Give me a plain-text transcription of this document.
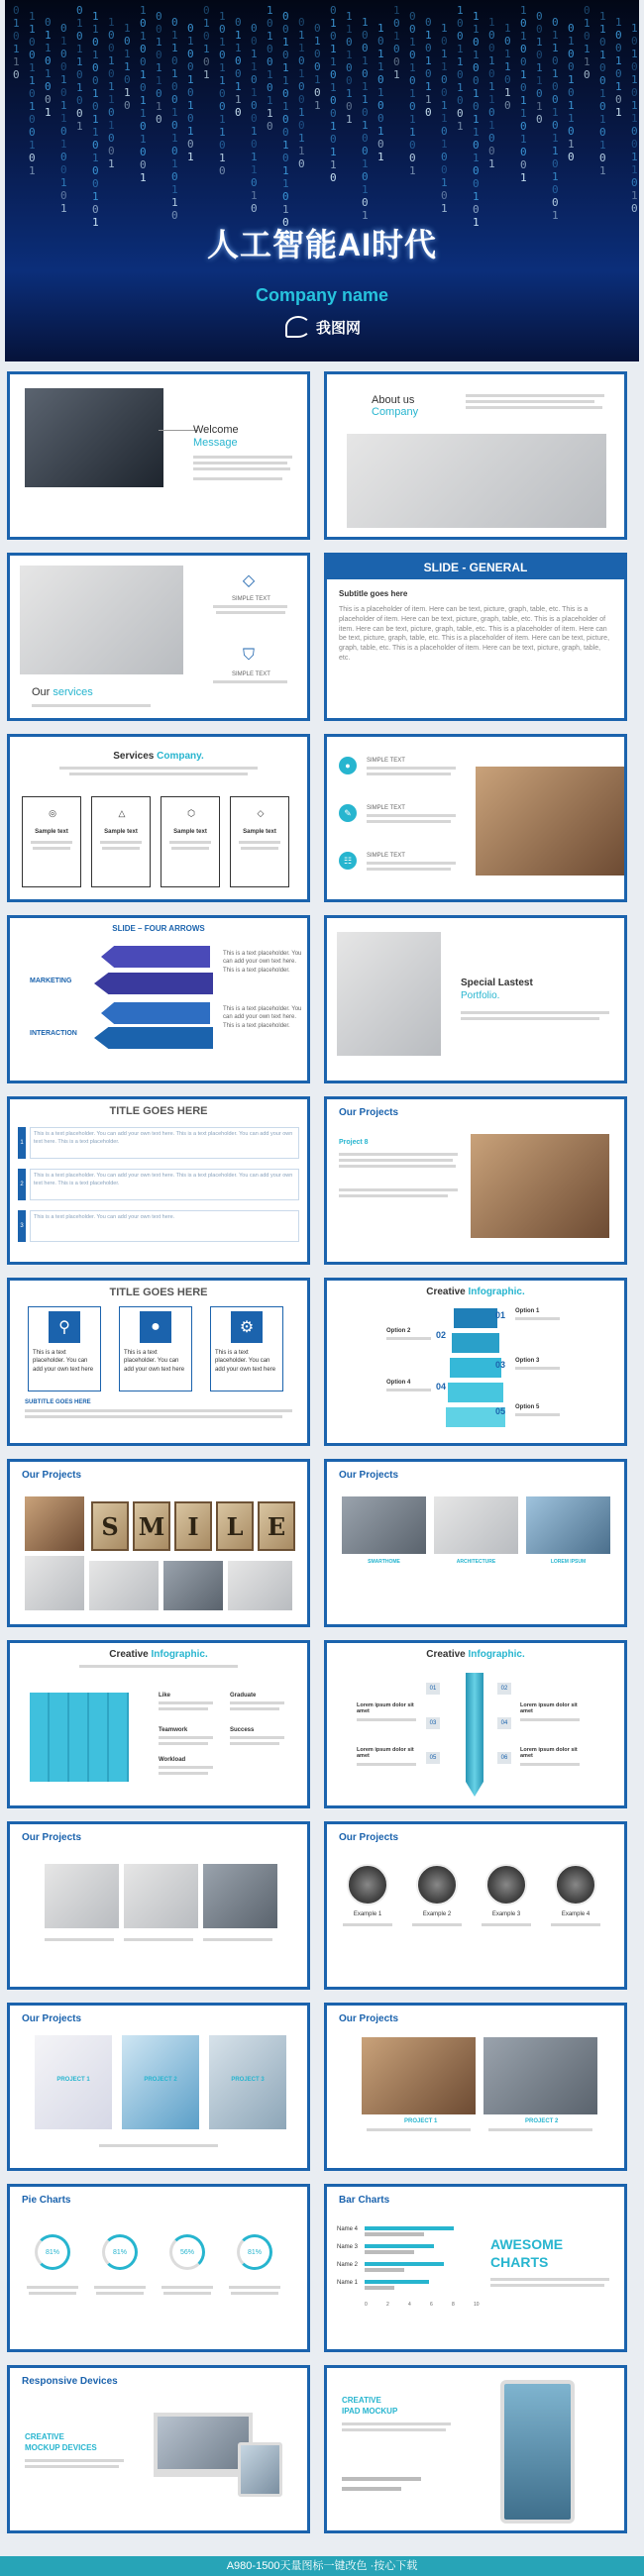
0
1
0
1
1
0
1
1
0
0
1
1
0
1
0
0
1
0
1
0
1
1
0
1
0
0
1
0
1
0
0
1
0
1
1
0
1
0
0
1
0
1
0
1
0
1
1
0
1
0
0
1
1
1
0
1
0
0
1
0
1
1
0
1
0
0
1
0
1
1
0
0
1
0
1
1
0
1
0
0
1
1
0
1
1
0
1
0
1
0
1
0
0
1
0
1
1
0
1
0
0
1
0
0
1
0
1
1
0
1
0
0
1
1
0
1
0
0
1
0
1
0
1
0
1
1
0
0
1
0
0
1
0
1
0
1
0
1
0
1
0
1
0
1
1
0
1
0
1
1
0
0
1
1
0
1
0
0
1
1
0
0
1
1
0
0
0
1
1
0
1
0
0
1
0
1
1
0
1
0
1
0
1
0
0
1
0
1
1
0
0
0
1
0
1
1
0
1
0
0
1
0
1
1
0
1
0
0
1
1
0
1
0
0
1
0
1
1
0
0
1
0
0
1
0
1
0
1
0
1
1
0
1
0
0
1
0
1
1
0
1
1
0
1
0
0
1
0
1
1
0
0
1
0
1
1
0
1
0
0
1
0
1
0
1
1
0
1
1
0
1
0
0
1
0
1
1
0
1
0
0
1
0
0
1
0
1
0
1
0
1
1
0
0
1
0
1
0
1
0
1
1
0
1
0
1
1
0
0
1
1
0
1
0
0
1
0
1
1
0
0
1
1
0
1
0
0
1
1
1
0
1
0
0
1
0
1
1
0
1
0
0
1
0
1
1
0
0
1
0
1
1
0
1
0
0
1
1
0
1
1
0
1
0
1
0
1
0
0
1
0
1
1
0
1
0
0
1
0
0
1
0
1
1
0
1
0
0
1
1
0
1
0
0
1
0
1
1
0
1
0
0
1
0
1
0
0
1
0
1
1
0
1
0
0
1
0
1
1
0
1
1
0
1
0
0
1
0
1
0
1
0
1
1
0
0
1
0
1
0
1
1
0
1
0
1
0
1
1
0
0
1
1
0
1
0
人工智能AI时代
Company name
我图网
Welcome
Message
About us
Company
Our services
◇
SIMPLE TEXT
⛉
SIMPLE TEXT
SLIDE - GENERAL
Subtitle goes here
This is a placeholder of item. Here can be text, picture, graph, table, etc. This is a placeholder of item. Here can be text, picture, graph, table, etc. This is a placeholder of item. Here can be text, picture, graph, table, etc. This is a placeholder of item. Here can be text, picture, graph, table, etc. This is a placeholder of item. Here can be text, picture, graph, table, etc. This is a placeholder of item. Here can be text, picture, graph, table, etc.
Services Company.
◎
Sample text
△
Sample text
⬡
Sample text
◇
Sample text
●	SIMPLE TEXT
✎	SIMPLE TEXT
☷	SIMPLE TEXT
SLIDE – FOUR ARROWS
MARKETING
INTERACTION
This is a text placeholder. You can add your own text here. This is a text placeholder.
This is a text placeholder. You can add your own text here. This is a text placeholder.
Special Lastest
Portfolio.
TITLE GOES HERE
1
This is a text placeholder. You can add your own text here. This is a text placeholder. You can add your own text here. This is a text placeholder.
2
This is a text placeholder. You can add your own text here. This is a text placeholder. You can add your own text here. This is a text placeholder.
3
This is a text placeholder. You can add your own text here.
Our Projects
Project 8
TITLE GOES HERE
⚲
This is a text placeholder. You can add your own text here
●
This is a text placeholder. You can add your own text here
⚙
This is a text placeholder. You can add your own text here
SUBTITLE GOES HERE
Creative Infographic.
01 Option 1
02
Option 2
03 Option 3
04
Option 4
05 Option 5
Our Projects
S M I	L	E
Our Projects
SMARTHOME	ARCHITECTURE	LOREM IPSUM
Creative Infographic.
Like	Graduate
Teamwork	Success
Workload
Creative Infographic.
Lorem ipsum dolor sit amet
Lorem ipsum dolor sit amet
Lorem ipsum dolor sit amet
Lorem ipsum dolor sit amet
01	02
03	04
05	06
Our Projects	Our Projects
Example 1	Example 2	Example 3	Example 4
Our Projects
PROJECT 1	PROJECT 2	PROJECT 3
Our Projects
PROJECT 1	PROJECT 2
Pie Charts
81%	81%	56%	81%
Bar Charts
Name 4
Name 3
Name 2
Name 1
0	2	4	6	8	10
AWESOME
CHARTS
Responsive Devices
CREATIVE
MOCKUP DEVICES
CREATIVE
IPAD MOCKUP
A980-1500天量图标一键改色 ·按心下载
